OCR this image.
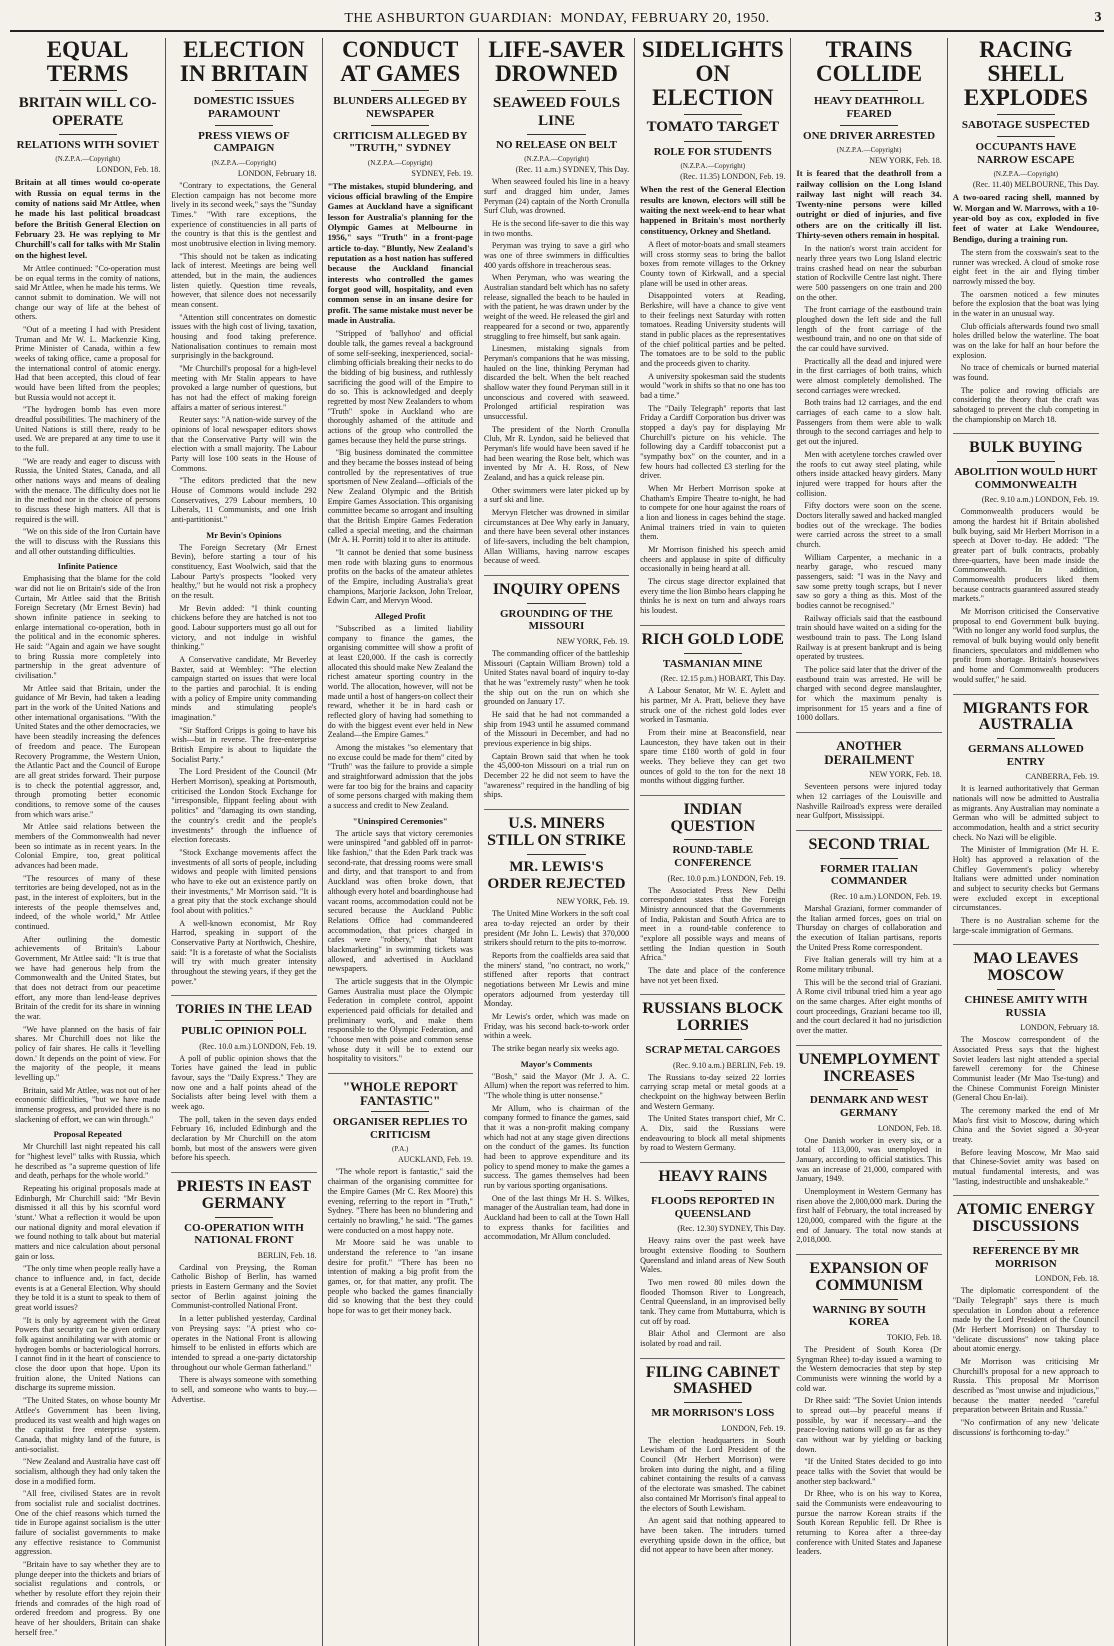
THE ASHBURTON GUARDIAN:
MONDAY, FEBRUARY 20, 1950.	3
EQUAL TERMS
BRITAIN WILL CO-OPERATE
RELATIONS WITH SOVIET
(N.Z.P.A.—Copyright)
LONDON, Feb. 18.

Britain at all times would co-operate with Russia on equal terms in the comity of nations said Mr Attlee, when he made his last political broadcast before the British General Election on February 23. He was replying to Mr Churchill's call for talks with Mr Stalin on the highest level.

Mr Attlee continued: "Co-operation must be on equal terms in the comity of nations, said Mr Attlee, when he made his terms. We cannot submit to domination. We will not change our way of life at the behest of others.

"Out of a meeting I had with President Truman and Mr W. L. Mackenzie King, Prime Minister of Canada, within a few weeks of taking office, came a proposal for the international control of atomic energy. Had that been accepted, this cloud of fear would have been lifted from the peoples; but Russia would not accept it.

"The hydrogen bomb has even more dreadful possibilities. The machinery of the United Nations is still there, ready to be used. We are prepared at any time to use it to the full.

"We are ready and eager to discuss with Russia, the United States, Canada, and all other nations ways and means of dealing with the menace. The difficulty does not lie in the method nor in the choice of persons to discuss these high matters. All that is required is the will.

"We on this side of the Iron Curtain have the will to discuss with the Russians this and all other outstanding difficulties.

Infinite Patience

Emphasising that the blame for the cold war did not lie on Britain's side of the Iron Curtain, Mr Attlee said that the British Foreign Secretary (Mr Ernest Bevin) had shown infinite patience in seeking to enlarge international co-operation, both in the political and in the economic spheres. He said: "Again and again we have sought to bring Russia more completely into partnership in the great adventure of civilisation."

Mr Attlee said that Britain, under the guidance of Mr Bevin, had taken a leading part in the work of the United Nations and other international organisations. "With the United States and the other democracies, we have been steadily increasing the defences of freedom and peace. The European Recovery Programme, the Western Union, the Atlantic Pact and the Council of Europe are all great strides forward. Their purpose is to check the potential aggressor, and, through promoting better economic conditions, to remove some of the causes from which wars arise."

Mr Attlee said relations between the members of the Commonwealth had never been so intimate as in recent years. In the Colonial Empire, too, great political advances had been made.

"The resources of many of these territories are being developed, not as in the past, in the interest of exploiters, but in the interests of the people themselves and, indeed, of the whole world," Mr Attlee continued.

After outlining the domestic achievements of Britain's Labour Government, Mr Attlee said: "It is true that we have had generous help from the Commonwealth and the United States, but that does not detract from our peacetime effort, any more than lend-lease deprives Britain of the credit for its share in winning the war.

"We have planned on the basis of fair shares. Mr Churchill does not like the policy of fair shares. He calls it 'levelling down.' It depends on the point of view. For the majority of the people, it means levelling up."

Britain, said Mr Attlee, was not out of her economic difficulties, "but we have made immense progress, and provided there is no slackening of effort, we can win through."

Proposal Repeated

Mr Churchill last night repeated his call for "highest level" talks with Russia, which he described as "a supreme question of life and death, perhaps for the whole world."

Repeating his original proposals made at Edinburgh, Mr Churchill said: "Mr Bevin dismissed it all this by his scornful word 'stunt.' What a reflection it would be upon our national dignity and moral elevation if we found nothing to talk about but material matters and nice calculation about personal gain or loss.

"The only time when people really have a chance to influence and, in fact, decide events is at a General Election. Why should they be told it is a stunt to speak to them of great world issues?

"It is only by agreement with the Great Powers that security can be given ordinary folk against annihilating war with atomic or hydrogen bombs or bacteriological horrors. I cannot find in it the heart of conscience to close the door upon that hope. Upon its fruition alone, the United Nations can discharge its supreme mission.

"The United States, on whose bounty Mr Attlee's Government has been living, produced its vast wealth and high wages on the capitalist free enterprise system. Canada, that mighty land of the future, is anti-socialist.

"New Zealand and Australia have cast off socialism, although they had only taken the dose in a modified form.

"All free, civilised States are in revolt from socialist rule and socialist doctrines. One of the chief reasons which turned the tide in Europe against socialism is the utter failure of socialist governments to make any effective resistance to Communist aggression.

"Britain have to say whether they are to plunge deeper into the thickets and briars of socialist regulations and controls, or whether by resolute effort they rejoin their friends and comrades of the high road of ordered freedom and progress. By one heave of her shoulders, Britain can shake herself free."

ELECTION IN BRITAIN
DOMESTIC ISSUES PARAMOUNT
PRESS VIEWS OF CAMPAIGN
(N.Z.P.A.—Copyright)
LONDON, February 18.

"Contrary to expectations, the General Election campaign has not become more lively in its second week," says the "Sunday Times." "With rare exceptions, the experience of constituencies in all parts of the country is that this is the gentlest and most unobtrusive election in living memory.

"This should not be taken as indicating lack of interest. Meetings are being well attended, but in the main, the audiences listen quietly. Question time reveals, however, that silence does not necessarily mean consent.

"Attention still concentrates on domestic issues with the high cost of living, taxation, housing and food taking preference. Nationalisation continues to remain most surprisingly in the background.

"Mr Churchill's proposal for a high-level meeting with Mr Stalin appears to have provoked a large number of questions, but has not had the effect of making foreign affairs a matter of serious interest."

Reuter says: "A nation-wide survey of the opinions of local newspaper editors shows that the Conservative Party will win the election with a small majority. The Labour Party will lose 100 seats in the House of Commons.

"The editors predicted that the new House of Commons would include 292 Conservatives, 279 Labour members, 10 Liberals, 11 Communists, and one Irish anti-partitionist."

Mr Bevin's Opinions

The Foreign Secretary (Mr Ernest Bevin), before starting a tour of his constituency, East Woolwich, said that the Labour Party's prospects "looked very healthy," but he would not risk a prophecy on the result.

Mr Bevin added: "I think counting chickens before they are hatched is not too good. Labour supporters must go all out for victory, and not indulge in wishful thinking."

A Conservative candidate, Mr Beverley Baxter, said at Wembley: "The election campaign started on issues that were local to the parties and parochial. It is ending with a policy of Empire unity commanding minds and stimulating people's imagination."

"Sir Stafford Cripps is going to have his wish—but in reverse. The free-enterprise British Empire is about to liquidate the Socialist Party."

The Lord President of the Council (Mr Herbert Morrison), speaking at Portsmouth, criticised the London Stock Exchange for "irresponsible, flippant feeling about with politics" and "damaging its own standing, the country's credit and the people's investments" through the influence of election forecasts.

"Stock Exchange movements affect the investments of all sorts of people, including widows and people with limited pensions who have to eke out an existence partly on their investments," Mr Morrison said. "It is a great pity that the stock exchange should fool about with politics."

A well-known economist, Mr Roy Harrod, speaking in support of the Conservative Party at Northwich, Cheshire, said: "It is a foretaste of what the Socialists will try with much greater intensity throughout the stewing years, if they get the power."

TORIES IN THE LEAD
PUBLIC OPINION POLL
(Rec. 10.0 a.m.) LONDON, Feb. 19.

A poll of public opinion shows that the Tories have gained the lead in public favour, says the "Daily Express." They are now one and a half points ahead of the Socialists after being level with them a week ago.

The poll, taken in the seven days ended February 16, included Edinburgh and the declaration by Mr Churchill on the atom bomb, but most of the answers were given before his speech.

PRIESTS IN EAST GERMANY
CO-OPERATION WITH NATIONAL FRONT
BERLIN, Feb. 18.

Cardinal von Preysing, the Roman Catholic Bishop of Berlin, has warned priests in Eastern Germany and the Soviet sector of Berlin against joining the Communist-controlled National Front.

In a letter published yesterday, Cardinal von Preysing says: "A priest who co-operates in the National Front is allowing himself to be enlisted in efforts which are intended to spread a one-party dictatorship throughout our whole German fatherland."

There is always someone with something to sell, and someone who wants to buy.—Advertise.

CONDUCT AT GAMES
BLUNDERS ALLEGED BY NEWSPAPER
CRITICISM ALLEGED BY "TRUTH," SYDNEY
(N.Z.P.A.—Copyright)
SYDNEY, Feb. 19.

"The mistakes, stupid blundering, and vicious official brawling of the Empire Games at Auckland have a significant lesson for Australia's planning for the Olympic Games at Melbourne in 1956," says "Truth" in a front-page article to-day. "Bluntly, New Zealand's reputation as a host nation has suffered because the Auckland financial interests who controlled the games forgot good will, hospitality, and even common sense in an insane desire for profit. The same mistake must never be made in Australia.

"Stripped of 'ballyhoo' and official double talk, the games reveal a background of some self-seeking, inexperienced, social-climbing officials breaking their necks to do the bidding of big business, and ruthlessly sacrificing the good will of the Empire to do so. This is acknowledged and deeply regretted by most New Zealanders to whom "Truth" spoke in Auckland who are thoroughly ashamed of the attitude and actions of the group who controlled the games because they held the purse strings.

"Big business dominated the committee and they became the bosses instead of being controlled by the representatives of true sportsmen of New Zealand—officials of the New Zealand Olympic and the British Empire Games Association. This organising committee became so arrogant and insulting that the British Empire Games Federation called a special meeting, and the chairman (Mr A. H. Porritt) told it to alter its attitude.

"It cannot be denied that some business men rode with blazing guns to enormous profits on the backs of the amateur athletes of the Empire, including Australia's great champions, Marjorie Jackson, John Treloar, Edwin Carr, and Mervyn Wood.

Alleged Profit

"Subscribed as a limited liability company to finance the games, the organising committee will show a profit of at least £20,000. If the cash is correctly allocated this should make New Zealand the richest amateur sporting country in the world. The allocation, however, will not be made until a host of hangers-on collect their reward, whether it be in hard cash or reflected glory of having had something to do with the biggest event ever held in New Zealand—the Empire Games."

Among the mistakes "so elementary that no excuse could be made for them" cited by "Truth" was the failure to provide a simple and straightforward admission that the jobs were far too big for the brains and capacity of some persons charged with making them a success and credit to New Zealand.

"Uninspired Ceremonies"

The article says that victory ceremonies were uninspired "and gabbled off in parrot-like fashion," that the Eden Park track was second-rate, that dressing rooms were small and dirty, and that transport to and from Auckland was often broke down, that although every hotel and boardinghouse had vacant rooms, accommodation could not be secured because the Auckland Public Relations Office had commandeered accommodation, that prices charged in cafes were "robbery," that "blatant blackmarketing" in swimming tickets was allowed, and advertised in Auckland newspapers.

The article suggests that in the Olympic Games Australia must place the Olympic Federation in complete control, appoint experienced paid officials for detailed and preliminary work, and make them responsible to the Olympic Federation, and "choose men with poise and common sense whose duty it will be to extend our hospitality to visitors."

"WHOLE REPORT FANTASTIC"
ORGANISER REPLIES TO CRITICISM
(P.A.)
AUCKLAND, Feb. 19.

"The whole report is fantastic," said the chairman of the organising committee for the Empire Games (Mr C. Rex Moore) this evening, referring to the report in "Truth," Sydney. "There has been no blundering and certainly no brawling," he said. "The games were conducted on a most happy note.

Mr Moore said he was unable to understand the reference to "an insane desire for profit." "There has been no intention of making a big profit from the games, or, for that matter, any profit. The people who backed the games financially did so knowing that the best they could hope for was to get their money back.

LIFE-SAVER DROWNED
SEAWEED FOULS LINE
NO RELEASE ON BELT
(N.Z.P.A.—Copyright)
(Rec. 11 a.m.) SYDNEY, This Day.

When seaweed fouled his line in a heavy surf and dragged him under, James Peryman (24) captain of the North Cronulla Surf Club, was drowned.

He is the second life-saver to die this way in two months.

Peryman was trying to save a girl who was one of three swimmers in difficulties 400 yards offshore in treacherous seas.

When Peryman, who was wearing the Australian standard belt which has no safety release, signalled the beach to be hauled in with the patient, he was drawn under by the weight of the weed. He released the girl and reappeared for a second or two, apparently struggling to free himself, but sank again.

Linesmen, mistaking signals from Peryman's companions that he was missing, hauled on the line, thinking Peryman had discarded the belt. When the belt reached shallow water they found Peryman still in it unconscious and covered with seaweed. Prolonged artificial respiration was unsuccessful.

The president of the North Cronulla Club, Mr R. Lyndon, said he believed that Peryman's life would have been saved if he had been wearing the Rose belt, which was invented by Mr A. H. Ross, of New Zealand, and has a quick release pin.

Other swimmers were later picked up by a surf ski and line.

Mervyn Fletcher was drowned in similar circumstances at Dee Why early in January, and there have been several other instances of life-savers, including the belt champion, Allan Williams, having narrow escapes because of weed.

INQUIRY OPENS
GROUNDING OF THE MISSOURI
NEW YORK, Feb. 19.

The commanding officer of the battleship Missouri (Captain William Brown) told a United States naval board of inquiry to-day that he was "extremely rusty" when he took the ship out on the run on which she grounded on January 17.

He said that he had not commanded a ship from 1943 until he assumed command of the Missouri in December, and had no previous experience in big ships.

Captain Brown said that when he took the 45,000-ton Missouri on a trial run on December 22 he did not seem to have the "awareness" required in the handling of big ships.

U.S. MINERS STILL ON STRIKE
MR. LEWIS'S ORDER REJECTED
NEW YORK, Feb. 19.

The United Mine Workers in the soft coal area to-day rejected an order by their president (Mr John L. Lewis) that 370,000 strikers should return to the pits to-morrow.

Reports from the coalfields area said that the miners' stand, "no contract, no work," stiffened after reports that contract negotiations between Mr Lewis and mine operators adjourned from yesterday till Monday.

Mr Lewis's order, which was made on Friday, was his second back-to-work order within a week.

The strike began nearly six weeks ago.

Mayor's Comments

"Bosh," said the Mayor (Mr J. A. C. Allum) when the report was referred to him. "The whole thing is utter nonsense."

Mr Allum, who is chairman of the company formed to finance the games, said that it was a non-profit making company which had not at any stage given directions on the conduct of the games. Its function had been to approve expenditure and its policy to spend money to make the games a success. The games themselves had been run by various sporting organisations.

One of the last things Mr H. S. Wilkes, manager of the Australian team, had done in Auckland had been to call at the Town Hall to express thanks for facilities and accommodation, Mr Allum concluded.

SIDELIGHTS ON ELECTION
TOMATO TARGET
ROLE FOR STUDENTS
(N.Z.P.A.—Copyright)
(Rec. 11.35) LONDON, Feb. 19.

When the rest of the General Election results are known, electors will still be waiting the next week-end to hear what happened in Britain's most northerly constituency, Orkney and Shetland.

A fleet of motor-boats and small steamers will cross stormy seas to bring the ballot boxes from remote villages to the Orkney County town of Kirkwall, and a special plane will be used in other areas.

Disappointed voters at Reading, Berkshire, will have a chance to give vent to their feelings next Saturday with rotten tomatoes. Reading University students will stand in public places as the representatives of the chief political parties and be pelted. The tomatoes are to be sold to the public and the proceeds given to charity.

A university spokesman said the students would "work in shifts so that no one has too bad a time."

The "Daily Telegraph" reports that last Friday a Cardiff Corporation bus driver was stopped a day's pay for displaying Mr Churchill's picture on his vehicle. The following day a Cardiff tobacconist put a "sympathy box" on the counter, and in a few hours had collected £3 sterling for the driver.

When Mr Herbert Morrison spoke at Chatham's Empire Theatre to-night, he had to compete for one hour against the roars of a lion and lioness in cages behind the stage. Animal trainers tried in vain to quieten them.

Mr Morrison finished his speech amid cheers and applause in spite of difficulty occasionally in being heard at all.

The circus stage director explained that every time the lion Bimbo hears clapping he thinks he is next on turn and always roars his loudest.

RICH GOLD LODE
TASMANIAN MINE
(Rec. 12.15 p.m.) HOBART, This Day.

A Labour Senator, Mr W. E. Aylett and his partner, Mr A. Pratt, believe they have struck one of the richest gold lodes ever worked in Tasmania.

From their mine at Beaconsfield, near Launceston, they have taken out in their spare time £180 worth of gold in four weeks. They believe they can get two ounces of gold to the ton for the next 18 months without digging further.

INDIAN QUESTION
ROUND-TABLE CONFERENCE
(Rec. 10.0 p.m.) LONDON, Feb. 19.

The Associated Press New Delhi correspondent states that the Foreign Ministry announced that the Governments of India, Pakistan and South Africa are to meet in a round-table conference to "explore all possible ways and means of settling the Indian question in South Africa."

The date and place of the conference have not yet been fixed.

RUSSIANS BLOCK LORRIES
SCRAP METAL CARGOES
(Rec. 9.10 a.m.) BERLIN, Feb. 19.

The Russians to-day seized 22 lorries carrying scrap metal or metal goods at a checkpoint on the highway between Berlin and Western Germany.

The United States transport chief, Mr C. A. Dix, said the Russians were endeavouring to block all metal shipments by road to Western Germany.

HEAVY RAINS
FLOODS REPORTED IN QUEENSLAND
(Rec. 12.30) SYDNEY, This Day.

Heavy rains over the past week have brought extensive flooding to Southern Queensland and inland areas of New South Wales.

Two men rowed 80 miles down the flooded Thomson River to Longreach, Central Queensland, in an improvised belly tank. They came from Muttaburra, which is cut off by road.

Blair Athol and Clermont are also isolated by road and rail.

FILING CABINET SMASHED
MR MORRISON'S LOSS
LONDON, Feb. 19.

The election headquarters in South Lewisham of the Lord President of the Council (Mr Herbert Morrison) were broken into during the night, and a filing cabinet containing the results of a canvass of the electorate was smashed. The cabinet also contained Mr Morrison's final appeal to the electors of South Lewisham.

An agent said that nothing appeared to have been taken. The intruders turned everything upside down in the office, but did not appear to have been after money.

TRAINS COLLIDE
HEAVY DEATHROLL FEARED
ONE DRIVER ARRESTED
(N.Z.P.A.—Copyright)
NEW YORK, Feb. 18.

It is feared that the deathroll from a railway collision on the Long Island railway last night will reach 34. Twenty-nine persons were killed outright or died of injuries, and five others are on the critically ill list. Thirty-seven others remain in hospital.

In the nation's worst train accident for nearly three years two Long Island electric trains crashed head on near the suburban station of Rockville Centre last night. There were 500 passengers on one train and 200 on the other.

The front carriage of the eastbound train ploughed down the left side and the full length of the front carriage of the westbound train, and no one on that side of the car could have survived.

Practically all the dead and injured were in the first carriages of both trains, which were almost completely demolished. The second carriages were wrecked.

Both trains had 12 carriages, and the end carriages of each came to a slow halt. Passengers from them were able to walk through to the second carriages and help to get out the injured.

Men with acetylene torches crawled over the roofs to cut away steel plating, while others inside attacked heavy girders. Many injured were trapped for hours after the collision.

Fifty doctors were soon on the scene. Doctors literally sawed and hacked mangled bodies out of the wreckage. The bodies were carried across the street to a small church.

William Carpenter, a mechanic in a nearby garage, who rescued many passengers, said: "I was in the Navy and saw some pretty tough scraps, but I never saw so gory a thing as this. Most of the bodies cannot be recognised."

Railway officials said that the eastbound train should have waited on a siding for the westbound train to pass. The Long Island Railway is at present bankrupt and is being operated by trustees.

The police said later that the driver of the eastbound train was arrested. He will be charged with second degree manslaughter, for which the maximum penalty is imprisonment for 15 years and a fine of 1000 dollars.

ANOTHER DERAILMENT
NEW YORK, Feb. 18.

Seventeen persons were injured today when 12 carriages of the Louisville and Nashville Railroad's express were derailed near Gulfport, Mississippi.

SECOND TRIAL
FORMER ITALIAN COMMANDER
(Rec. 10 a.m.) LONDON, Feb. 19.

Marshal Graziani, former commander of the Italian armed forces, goes on trial on Thursday on charges of collaboration and the execution of Italian partisans, reports the United Press Rome correspondent.

Five Italian generals will try him at a Rome military tribunal.

This will be the second trial of Graziani. A Rome civil tribunal tried him a year ago on the same charges. After eight months of court proceedings, Graziani became too ill, and the court declared it had no jurisdiction over the matter.

UNEMPLOYMENT INCREASES
DENMARK AND WEST GERMANY
LONDON, Feb. 18.

One Danish worker in every six, or a total of 113,000, was unemployed in January, according to official statistics. This was an increase of 21,000, compared with January, 1949.

Unemployment in Western Germany has risen above the 2,000,000 mark. During the first half of February, the total increased by 120,000, compared with the figure at the end of January. The total now stands at 2,018,000.

EXPANSION OF COMMUNISM
WARNING BY SOUTH KOREA
TOKIO, Feb. 18.

The President of South Korea (Dr Syngman Rhee) to-day issued a warning to the Western democracies that step by step Communists were winning the world by a cold war.

Dr Rhee said: "The Soviet Union intends to spread out—by peaceful means if possible, by war if necessary—and the peace-loving nations will go as far as they can without war by yielding or backing down.

"If the United States decided to go into peace talks with the Soviet that would be another step backward."

Dr Rhee, who is on his way to Korea, said the Communists were endeavouring to pursue the narrow Korean straits if the South Korean Republic fell. Dr Rhee is returning to Korea after a three-day conference with United States and Japanese leaders.

RACING SHELL EXPLODES
SABOTAGE SUSPECTED
OCCUPANTS HAVE NARROW ESCAPE
(N.Z.P.A.—Copyright)
(Rec. 11.40) MELBOURNE, This Day.

A two-oared racing shell, manned by W. Morgan and W. Marrows, with a 10-year-old boy as cox, exploded in five feet of water at Lake Wendouree, Bendigo, during a training run.

The stern from the coxswain's seat to the runner was wrecked. A cloud of smoke rose eight feet in the air and flying timber narrowly missed the boy.

The oarsmen noticed a few minutes before the explosion that the boat was lying in the water in an unusual way.

Club officials afterwards found two small holes drilled below the waterline. The boat was on the lake for half an hour before the explosion.

No trace of chemicals or burned material was found.

The police and rowing officials are considering the theory that the craft was sabotaged to prevent the club competing in the championship on March 18.

BULK BUYING
ABOLITION WOULD HURT COMMONWEALTH
(Rec. 9.10 a.m.) LONDON, Feb. 19.

Commonwealth producers would be among the hardest hit if Britain abolished bulk buying, said Mr Herbert Morrison in a speech at Dover to-day. He added: "The greater part of bulk contracts, probably three-quarters, have been made inside the Commonwealth. In addition, Commonwealth producers liked them because contracts guaranteed assured steady markets."

Mr Morrison criticised the Conservative proposal to end Government bulk buying. "With no longer any world food surplus, the removal of bulk buying would only benefit financiers, speculators and middlemen who profit from shortage. Britain's housewives and home and Commonwealth producers would suffer," he said.

MIGRANTS FOR AUSTRALIA
GERMANS ALLOWED ENTRY
CANBERRA, Feb. 19.

It is learned authoritatively that German nationals will now be admitted to Australia as migrants. Any Australian may nominate a German who will be admitted subject to accommodation, health and a strict security check. No Nazi will be eligible.

The Minister of Immigration (Mr H. E. Holt) has approved a relaxation of the Chifley Government's policy whereby Italians were admitted under nomination and subject to security checks but Germans were excluded except in exceptional circumstances.

There is no Australian scheme for the large-scale immigration of Germans.

MAO LEAVES MOSCOW
CHINESE AMITY WITH RUSSIA
LONDON, February 18.

The Moscow correspondent of the Associated Press says that the highest Soviet leaders last night attended a special farewell ceremony for the Chinese Communist leader (Mr Mao Tse-tung) and the Chinese Communist Foreign Minister (General Chou En-lai).

The ceremony marked the end of Mr Mao's first visit to Moscow, during which China and the Soviet signed a 30-year treaty.

Before leaving Moscow, Mr Mao said that Chinese-Soviet amity was based on mutual fundamental interests, and was "lasting, indestructible and unshakeable."

ATOMIC ENERGY DISCUSSIONS
REFERENCE BY MR MORRISON
LONDON, Feb. 18.

The diplomatic correspondent of the "Daily Telegraph" says there is much speculation in London about a reference made by the Lord President of the Council (Mr Herbert Morrison) on Thursday to "delicate discussions" now taking place about atomic energy.

Mr Morrison was criticising Mr Churchill's proposal for a new approach to Russia. This proposal Mr Morrison described as "most unwise and injudicious," because the matter needed "careful preparation between Britain and Russia."

"No confirmation of any new 'delicate discussions' is forthcoming to-day."
